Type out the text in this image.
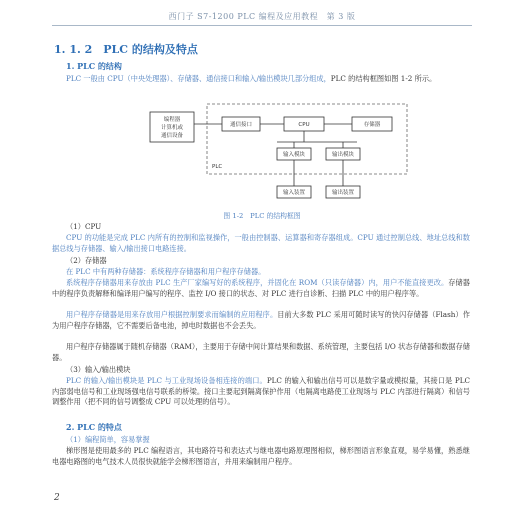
西门子 S7-1200 PLC 编程及应用教程　第 3 版
1. 1. 2　PLC 的结构及特点
1. PLC 的结构
PLC 一般由 CPU（中央处理器）、存储器、通信接口和输入/输出模块几部分组成，PLC 的结构框图如图 1-2 所示。
PLC
编程器
计算机或
通信设备
通信接口	CPU	存储器
输入模块	输出模块
输入装置	输出装置
图 1-2　PLC 的结构框图
（1）CPU
CPU 的功能是完成 PLC 内所有的控制和监视操作，一般由控制器、运算器和寄存器组成。CPU 通过控制总线、地址总线和数据总线与存储器、输入/输出接口电路连接。
（2）存储器
在 PLC 中有两种存储器：系统程序存储器和用户程序存储器。
系统程序存储器用来存放由 PLC 生产厂家编写好的系统程序，并固化在 ROM（只读存储器）内，用户不能直接更改。存储器中的程序负责解释和编译用户编写的程序、监控 I/O 接口的状态、对 PLC 进行自诊断、扫描 PLC 中的用户程序等。
用户程序存储器是用来存放用户根据控制要求而编制的应用程序。目前大多数 PLC 采用可随时读写的快闪存储器（Flash）作为用户程序存储器，它不需要后备电池，掉电时数据也不会丢失。
用户程序存储器属于随机存储器（RAM），主要用于存储中间计算结果和数据、系统管理，主要包括 I/O 状态存储器和数据存储器。
（3）输入/输出模块
PLC 的输入/输出模块是 PLC 与工业现场设备相连接的端口。PLC 的输入和输出信号可以是数字量或模拟量，其接口是 PLC 内部弱电信号和工业现场强电信号联系的桥梁。接口主要起到隔离保护作用（电隔离电路使工业现场与 PLC 内部进行隔离）和信号调整作用（把不同的信号调整成 CPU 可以处理的信号）。
2. PLC 的特点
（1）编程简单，容易掌握
梯形图是使用最多的 PLC 编程语言，其电路符号和表达式与继电器电路原理图相似，梯形图语言形象直观，易学易懂，熟悉继电器电路图的电气技术人员很快就能学会梯形图语言，并用来编制用户程序。
2
